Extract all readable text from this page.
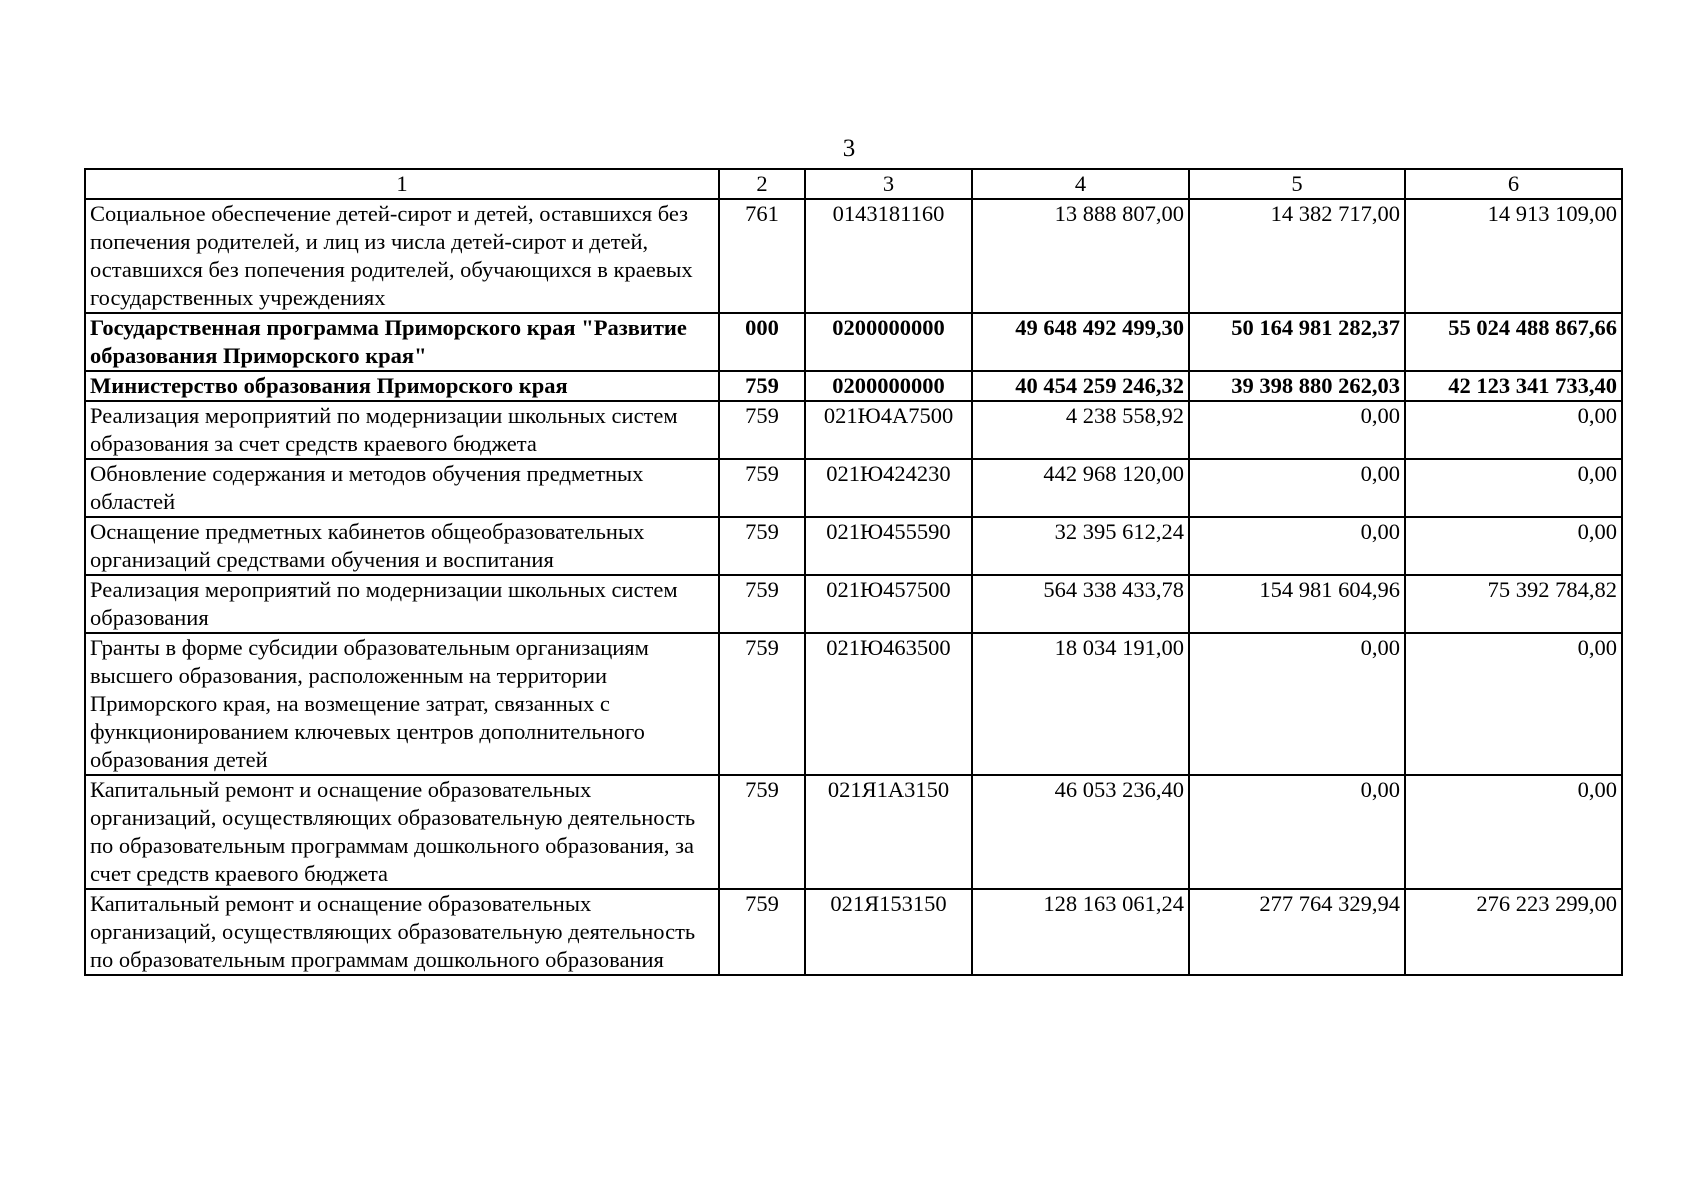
3
1	2	3	4	5	6
Социальное обеспечение детей-сирот и детей, оставшихся без попечения родителей, и лиц из числа детей-сирот и детей, оставшихся без попечения родителей, обучающихся в краевых государственных учреждениях	761	0143181160	13 888 807,00	14 382 717,00	14 913 109,00
Государственная программа Приморского края "Развитие образования Приморского края"	000	0200000000	49 648 492 499,30	50 164 981 282,37	55 024 488 867,66
Министерство образования Приморского края	759	0200000000	40 454 259 246,32	39 398 880 262,03	42 123 341 733,40
Реализация мероприятий по модернизации школьных систем образования за счет средств краевого бюджета	759	021Ю4А7500	4 238 558,92	0,00	0,00
Обновление содержания и методов обучения предметных областей	759	021Ю424230	442 968 120,00	0,00	0,00
Оснащение предметных кабинетов общеобразовательных организаций средствами обучения и воспитания	759	021Ю455590	32 395 612,24	0,00	0,00
Реализация мероприятий по модернизации школьных систем образования	759	021Ю457500	564 338 433,78	154 981 604,96	75 392 784,82
Гранты в форме субсидии образовательным организациям высшего образования, расположенным на территории Приморского края, на возмещение затрат, связанных с функционированием ключевых центров дополнительного образования детей	759	021Ю463500	18 034 191,00	0,00	0,00
Капитальный ремонт и оснащение образовательных организаций, осуществляющих образовательную деятельность по образовательным программам дошкольного образования, за счет средств краевого бюджета	759	021Я1А3150	46 053 236,40	0,00	0,00
Капитальный ремонт и оснащение образовательных организаций, осуществляющих образовательную деятельность по образовательным программам дошкольного образования	759	021Я153150	128 163 061,24	277 764 329,94	276 223 299,00
